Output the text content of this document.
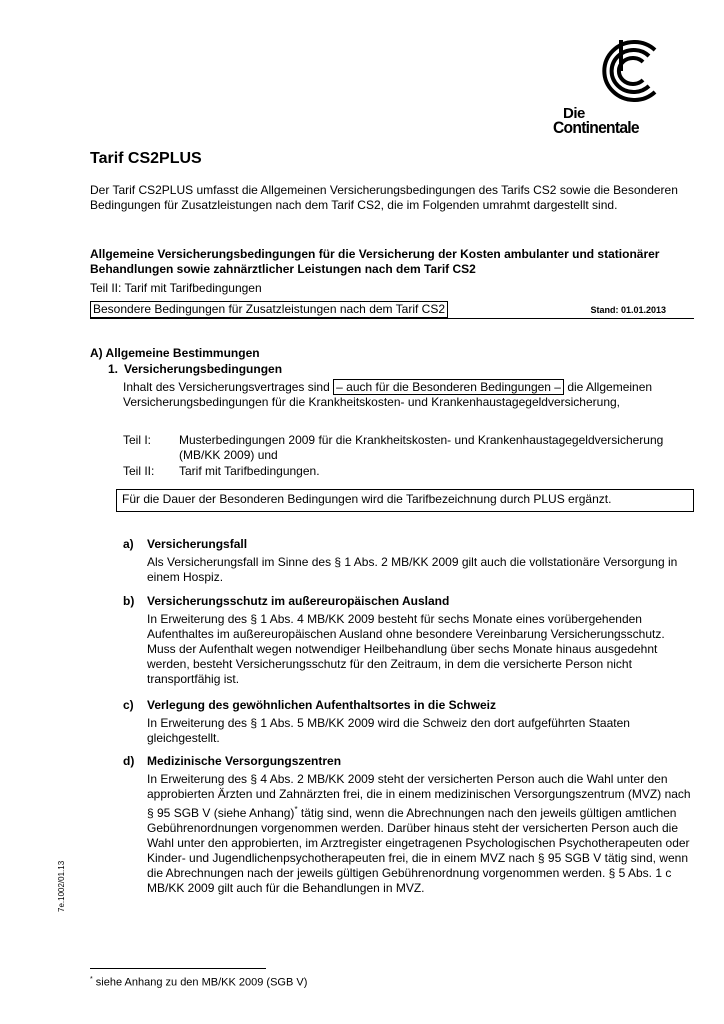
Die
Continentale
Tarif CS2PLUS
Der Tarif CS2PLUS umfasst die Allgemeinen Versicherungsbedingungen des Tarifs CS2 sowie die Besonderen Bedingungen für Zusatzleistungen nach dem Tarif CS2, die im Folgenden umrahmt dargestellt sind.
Allgemeine Versicherungsbedingungen für die Versicherung der Kosten ambulanter und stationärer Behandlungen sowie zahnärztlicher Leistungen nach dem Tarif CS2
Teil II: Tarif mit Tarifbedingungen
Besondere Bedingungen für Zusatzleistungen nach dem Tarif CS2	Stand: 01.01.2013
A) Allgemeine Bestimmungen
1. Versicherungsbedingungen
Inhalt des Versicherungsvertrages sind – auch für die Besonderen Bedingungen – die Allgemeinen Versicherungsbedingungen für die Krankheitskosten- und Krankenhaustagegeldversicherung,
Teil I:	Musterbedingungen 2009 für die Krankheitskosten- und Krankenhaustagegeldversicherung (MB/KK 2009) und
Teil II:	Tarif mit Tarifbedingungen.
Für die Dauer der Besonderen Bedingungen wird die Tarifbezeichnung durch PLUS ergänzt.
a) Versicherungsfall
Als Versicherungsfall im Sinne des § 1 Abs. 2 MB/KK 2009 gilt auch die vollstationäre Versorgung in einem Hospiz.
b) Versicherungsschutz im außereuropäischen Ausland
In Erweiterung des § 1 Abs. 4 MB/KK 2009 besteht für sechs Monate eines vorübergehenden Aufenthaltes im außereuropäischen Ausland ohne besondere Vereinbarung Versicherungsschutz. Muss der Aufenthalt wegen notwendiger Heilbehandlung über sechs Monate hinaus ausgedehnt werden, besteht Versicherungsschutz für den Zeitraum, in dem die versicherte Person nicht transportfähig ist.
c) Verlegung des gewöhnlichen Aufenthaltsortes in die Schweiz
In Erweiterung des § 1 Abs. 5 MB/KK 2009 wird die Schweiz den dort aufgeführten Staaten gleichgestellt.
d) Medizinische Versorgungszentren
In Erweiterung des § 4 Abs. 2 MB/KK 2009 steht der versicherten Person auch die Wahl unter den approbierten Ärzten und Zahnärzten frei, die in einem medizinischen Versorgungszentrum (MVZ) nach § 95 SGB V (siehe Anhang)* tätig sind, wenn die Abrechnungen nach den jeweils gültigen amtlichen Gebührenordnungen vorgenommen werden. Darüber hinaus steht der versicherten Person auch die Wahl unter den approbierten, im Arztregister eingetragenen Psychologischen Psychotherapeuten oder Kinder- und Jugendlichenpsychotherapeuten frei, die in einem MVZ nach § 95 SGB V tätig sind, wenn die Abrechnungen nach der jeweils gültigen Gebührenordnung vorgenommen werden. § 5 Abs. 1 c MB/KK 2009 gilt auch für die Behandlungen in MVZ.
7e.1002/01.13
* siehe Anhang zu den MB/KK 2009 (SGB V)
